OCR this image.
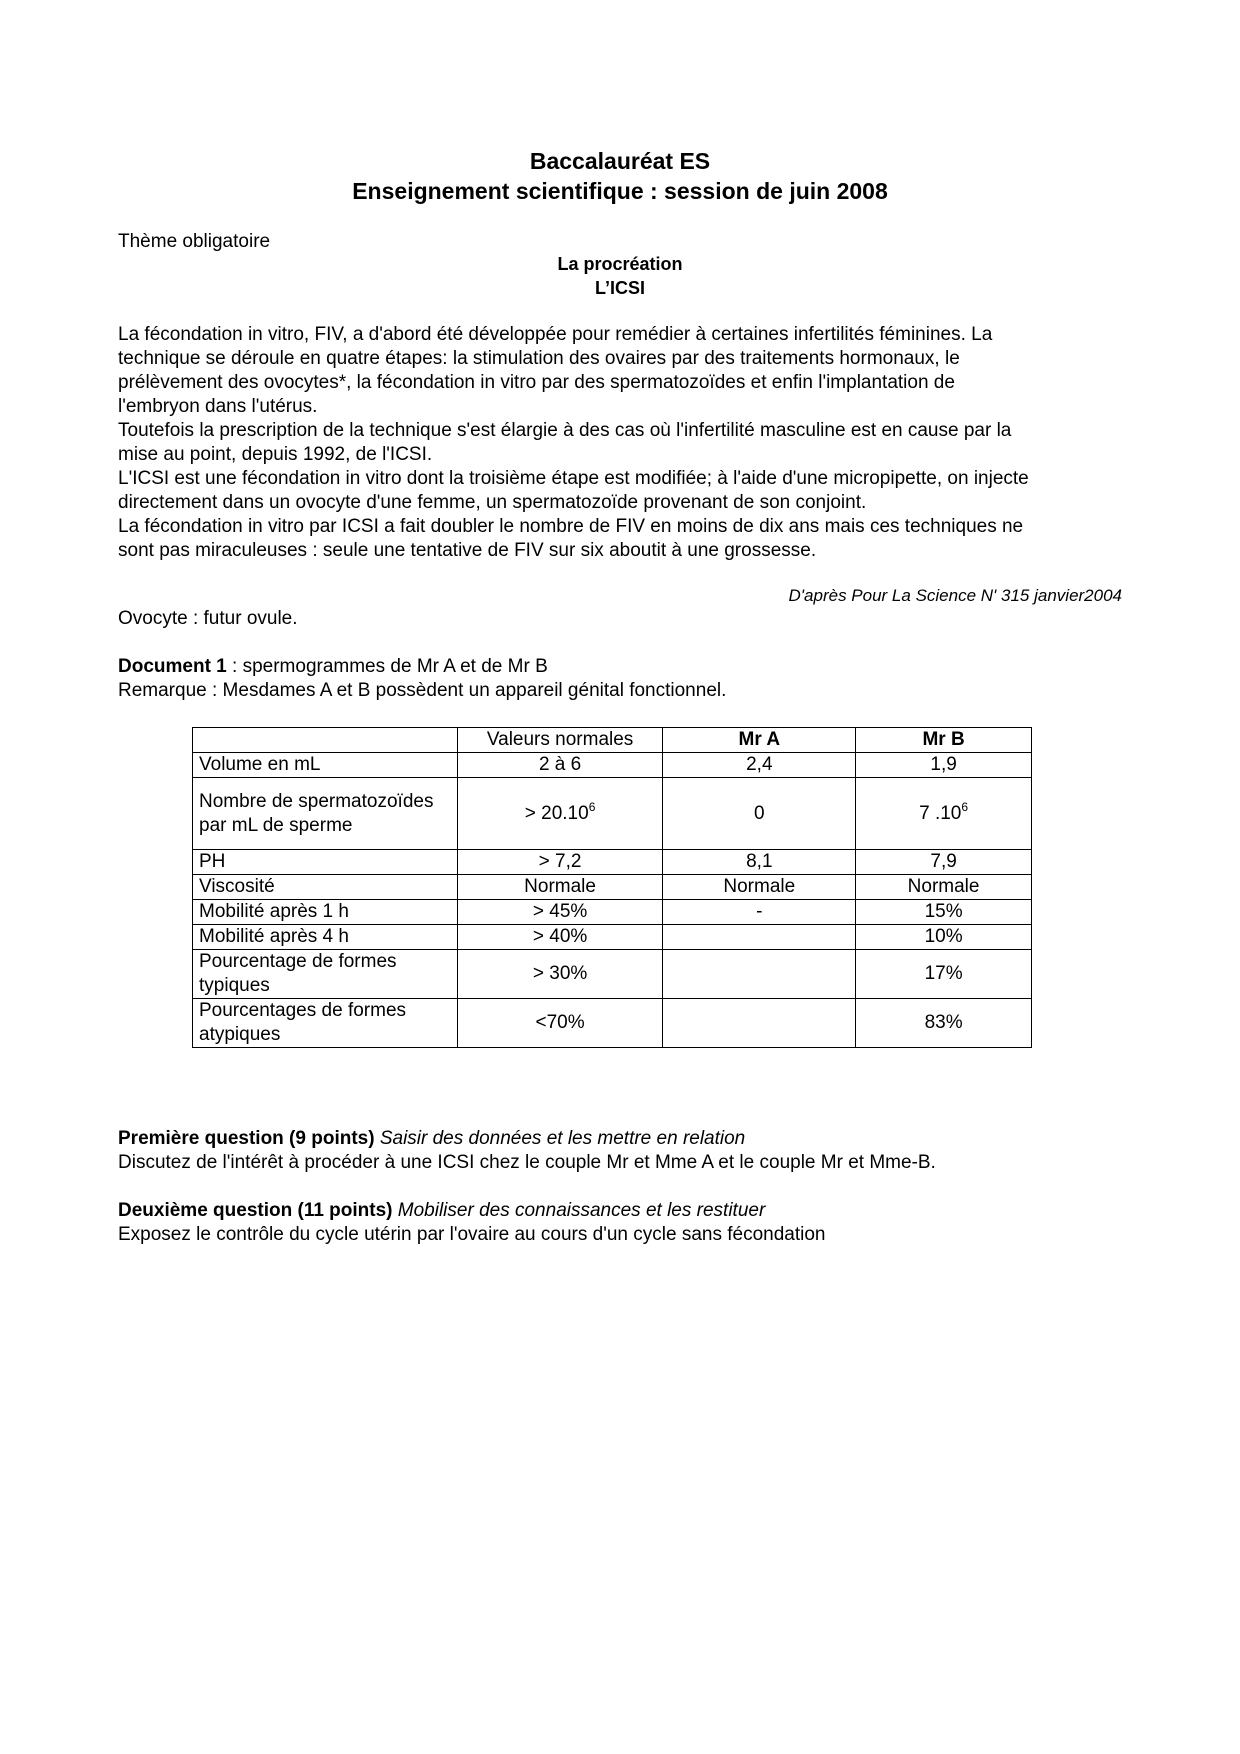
Baccalauréat ES
Enseignement scientifique : session de juin 2008
Thème obligatoire
La procréation
L’ICSI
La fécondation in vitro, FIV, a d'abord été développée pour remédier à certaines infertilités féminines. La
technique se déroule en quatre étapes: la stimulation des ovaires par des traitements hormonaux, le
prélèvement des ovocytes*, la fécondation in vitro par des spermatozoïdes et enfin l'implantation de
l'embryon dans l'utérus.
Toutefois la prescription de la technique s'est élargie à des cas où l'infertilité masculine est en cause par la
mise au point, depuis 1992, de l'ICSI.
L'ICSI est une fécondation in vitro dont la troisième étape est modifiée; à l'aide d'une micropipette, on injecte
directement dans un ovocyte d'une femme, un spermatozoïde provenant de son conjoint.
La fécondation in vitro par ICSI a fait doubler le nombre de FIV en moins de dix ans mais ces techniques ne
sont pas miraculeuses : seule une tentative de FIV sur six aboutit à une grossesse.
D'après Pour La Science N' 315 janvier2004
Ovocyte : futur ovule.
Document 1 : spermogrammes de Mr A et de Mr B
Remarque : Mesdames A et B possèdent un appareil génital fonctionnel.
	Valeurs normales	Mr A	Mr B
Volume en mL	2 à 6	2,4	1,9
Nombre de spermatozoïdes par mL de sperme	> $20.10^6$	0	7 $.10^6$
PH	> 7,2	8,1	7,9
Viscosité	Normale	Normale	Normale
Mobilité après 1 h	> 45%	-	15%
Mobilité après 4 h	> 40%		10%
Pourcentage de formes typiques	> 30%		17%
Pourcentages de formes atypiques	<70%		83%
Première question (9 points) Saisir des données et les mettre en relation
Discutez de l'intérêt à procéder à une ICSI chez le couple Mr et Mme A et le couple Mr et Mme-B.
Deuxième question (11 points) Mobiliser des connaissances et les restituer
Exposez le contrôle du cycle utérin par l'ovaire au cours d'un cycle sans fécondation
